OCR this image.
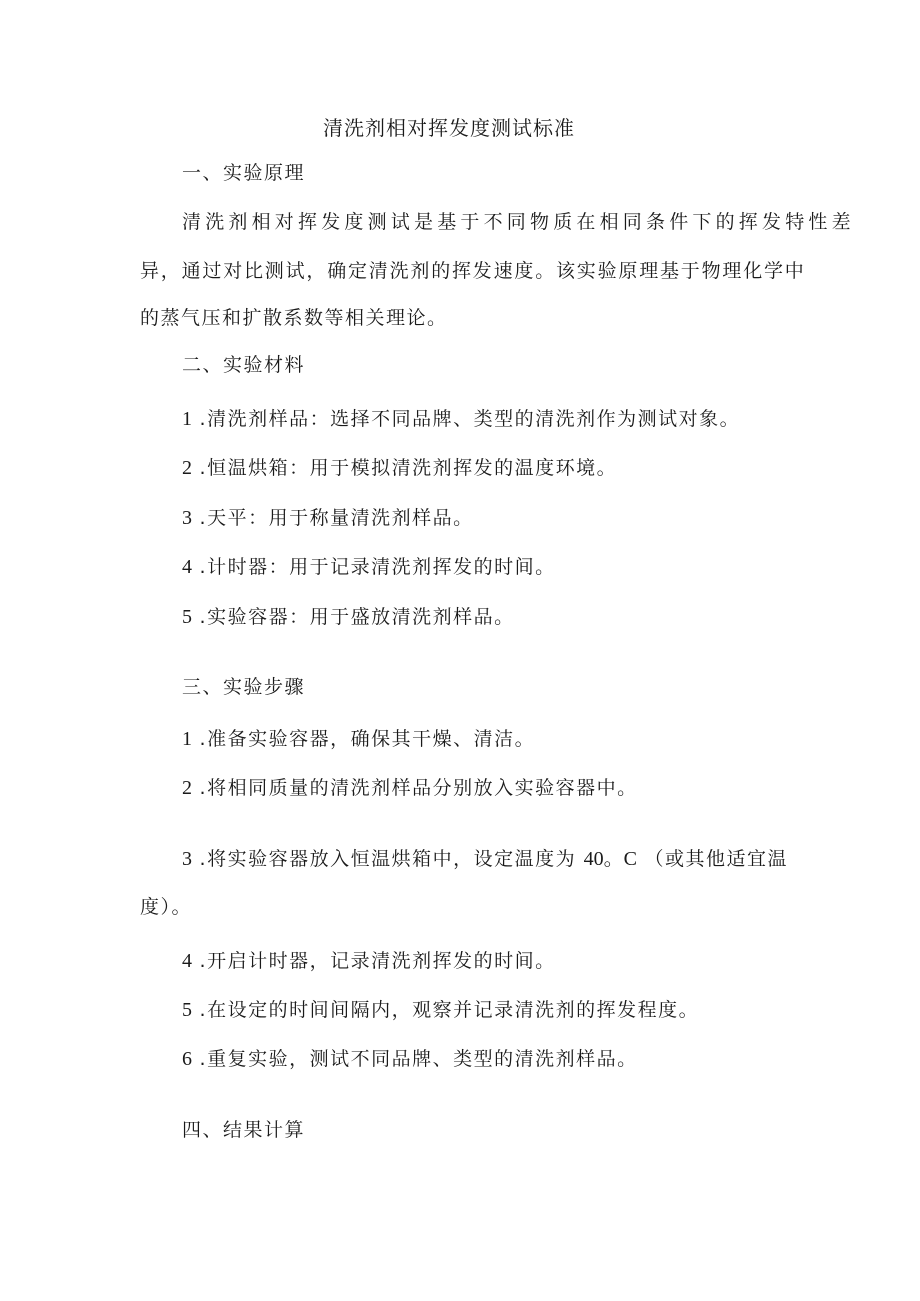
清洗剂相对挥发度测试标准
一、实验原理
清洗剂相对挥发度测试是基于不同物质在相同条件下的挥发特性差
异，通过对比测试，确定清洗剂的挥发速度。该实验原理基于物理化学中
的蒸气压和扩散系数等相关理论。
二、实验材料
1 .清洗剂样品：选择不同品牌、类型的清洗剂作为测试对象。
2 .恒温烘箱：用于模拟清洗剂挥发的温度环境。
3 .天平：用于称量清洗剂样品。
4 .计时器：用于记录清洗剂挥发的时间。
5 .实验容器：用于盛放清洗剂样品。
三、实验步骤
1 .准备实验容器，确保其干燥、清洁。
2 .将相同质量的清洗剂样品分别放入实验容器中。
3 .将实验容器放入恒温烘箱中，设定温度为 40。C （或其他适宜温
度）。
4 .开启计时器，记录清洗剂挥发的时间。
5 .在设定的时间间隔内，观察并记录清洗剂的挥发程度。
6 .重复实验，测试不同品牌、类型的清洗剂样品。
四、结果计算
